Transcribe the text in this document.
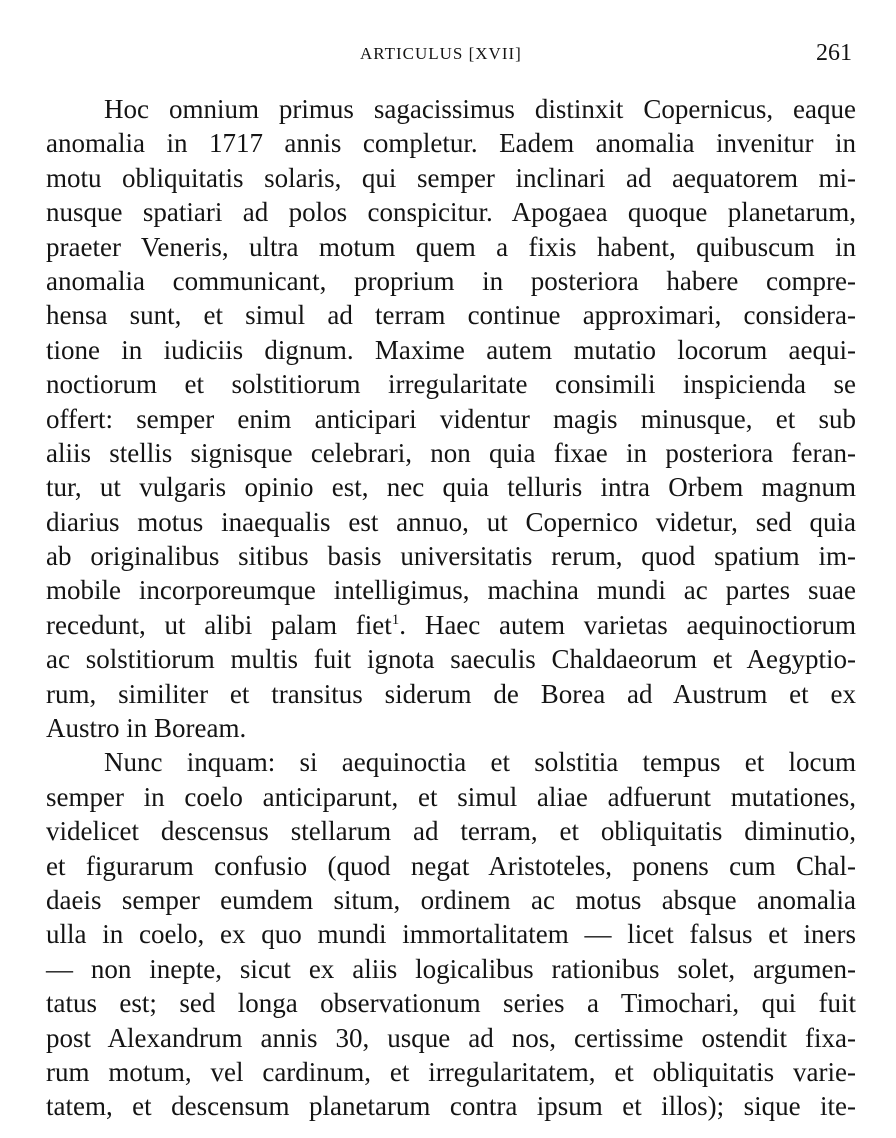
ARTICULUS [XVII]	261
Hoc omnium primus sagacissimus distinxit Copernicus, eaque
anomalia in 1717 annis completur. Eadem anomalia invenitur in
motu obliquitatis solaris, qui semper inclinari ad aequatorem mi-
nusque spatiari ad polos conspicitur. Apogaea quoque planetarum,
praeter Veneris, ultra motum quem a fixis habent, quibuscum in
anomalia communicant, proprium in posteriora habere compre-
hensa sunt, et simul ad terram continue approximari, considera-
tione in iudiciis dignum. Maxime autem mutatio locorum aequi-
noctiorum et solstitiorum irregularitate consimili inspicienda se
offert: semper enim anticipari videntur magis minusque, et sub
aliis stellis signisque celebrari, non quia fixae in posteriora feran-
tur, ut vulgaris opinio est, nec quia telluris intra Orbem magnum
diarius motus inaequalis est annuo, ut Copernico videtur, sed quia
ab originalibus sitibus basis universitatis rerum, quod spatium im-
mobile incorporeumque intelligimus, machina mundi ac partes suae
recedunt, ut alibi palam fiet$^1$. Haec autem varietas aequinoctiorum
ac solstitiorum multis fuit ignota saeculis Chaldaeorum et Aegyptio-
rum, similiter et transitus siderum de Borea ad Austrum et ex
Austro in Boream.
Nunc inquam: si aequinoctia et solstitia tempus et locum
semper in coelo anticiparunt, et simul aliae adfuerunt mutationes,
videlicet descensus stellarum ad terram, et obliquitatis diminutio,
et figurarum confusio (quod negat Aristoteles, ponens cum Chal-
daeis semper eumdem situm, ordinem ac motus absque anomalia
ulla in coelo, ex quo mundi immortalitatem — licet falsus et iners
— non inepte, sicut ex aliis logicalibus rationibus solet, argumen-
tatus est; sed longa observationum series a Timochari, qui fuit
post Alexandrum annis 30, usque ad nos, certissime ostendit fixa-
rum motum, vel cardinum, et irregularitatem, et obliquitatis varie-
tatem, et descensum planetarum contra ipsum et illos); sique ite-
